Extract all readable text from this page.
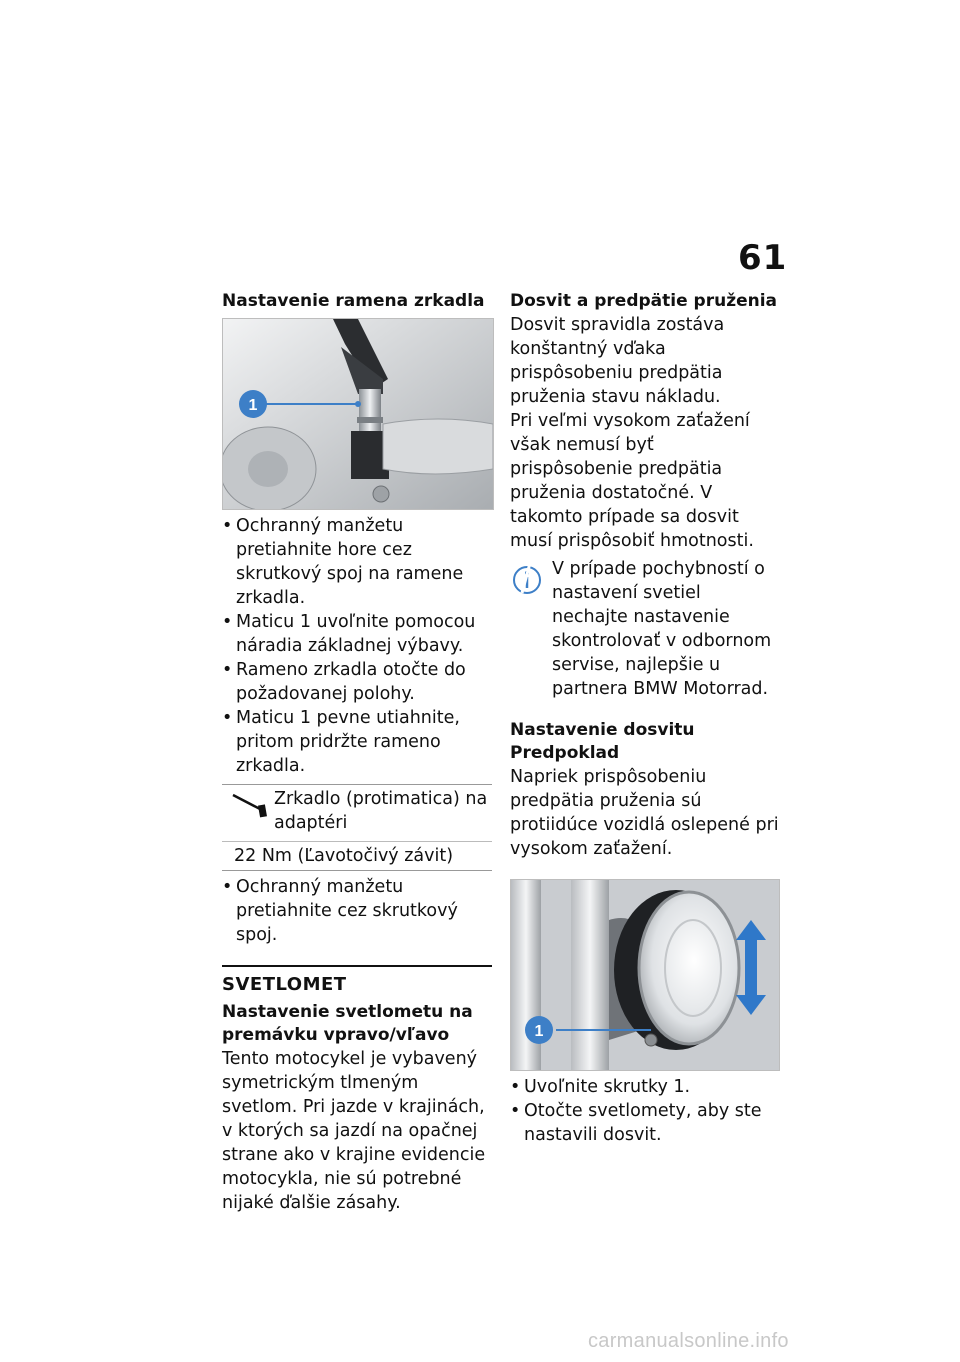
61

Nastavenie ramena zrkadla

1
• Ochranný manžetu pretiahnite hore cez skrutkový spoj na ramene zrkadla.
• Maticu 1 uvoľnite pomocou náradia základnej výbavy.
• Rameno zrkadla otočte do požadovanej polohy.
• Maticu 1 pevne utiahnite, pritom pridržte rameno zrkadla.
Zrkadlo (protimatica) na adaptéri
22 Nm (Ľavotočivý závit)
• Ochranný manžetu pretiahnite cez skrutkový spoj.

SVETLOMET

Nastavenie svetlometu na premávku vpravo/vľavo

Tento motocykel je vybavený symetrickým tlmeným svetlom. Pri jazde v krajinách, v ktorých sa jazdí na opačnej strane ako v krajine evidencie motocykla, nie sú potrebné nijaké ďalšie zásahy.

Dosvit a predpätie pruženia

Dosvit spravidla zostáva konštantný vďaka prispôsobeniu predpätia pruženia stavu nákladu.

Pri veľmi vysokom zaťažení však nemusí byť prispôsobenie predpätia pruženia dostatočné. V takomto prípade sa dosvit musí prispôsobiť hmotnosti.

V prípade pochybností o nastavení svetiel nechajte nastavenie skontrolovať v odbornom servise, najlepšie u partnera BMW Motorrad.

Nastavenie dosvitu

Predpoklad

Napriek prispôsobeniu predpätia pruženia sú protiidúce vozidlá oslepené pri vysokom zaťažení.

1
• Uvoľnite skrutky 1.
• Otočte svetlomety, aby ste nastavili dosvit.
carmanualsonline.info
